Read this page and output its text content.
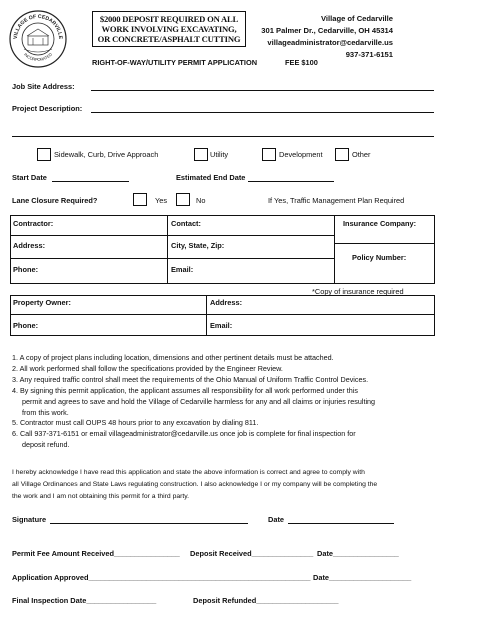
VILLAGE OF CEDARVILLE
INCORPORATED
$2000 DEPOSIT REQUIRED ON ALL
WORK INVOLVING EXCAVATING,
OR CONCRETE/ASPHALT CUTTING
Village of Cedarville
301 Palmer Dr., Cedarville, OH 45314
villageadministrator@cedarville.us
937-371-6151
RIGHT-OF-WAY/UTILITY PERMIT APPLICATION	FEE $100
Job Site Address:
Project Description:
Sidewalk, Curb, Drive Approach	Utility	Development	Other
Start Date	Estimated End Date
Lane Closure Required?	Yes	No	If Yes, Traffic Management Plan Required
Contractor:	Contact:	Insurance Company:
Address:	City, State, Zip:
Policy Number:
Phone:	Email:
*Copy of insurance required
Property Owner:	Address:
Phone:	Email:
1. A copy of project plans including location, dimensions and other pertinent details must be attached.
2. All work performed shall follow the specifications provided by the Engineer Review.
3. Any required traffic control shall meet the requirements of the Ohio Manual of Uniform Traffic Control Devices.
4. By signing this permit application, the applicant assumes all responsibility for all work performed under this
permit and agrees to save and hold the Village of Cedarville harmless for any and all claims or injuries resulting
from this work.
5. Contractor must call OUPS 48 hours prior to any excavation by dialing 811.
6. Call 937-371-6151 or email villageadministrator@cedarville.us once job is complete for final inspection for
deposit refund.
I hereby acknowledge I have read this application and state the above information is correct and agree to comply with
all Village Ordinances and State Laws regulating construction. I also acknowledge I or my company will be completing the
the work and I am not obtaining this permit for a third party.
Signature	Date
Permit Fee Amount Received________________ Deposit Received_______________ Date________________
Application Approved______________________________________________________ Date____________________
Final Inspection Date_________________	Deposit Refunded____________________
